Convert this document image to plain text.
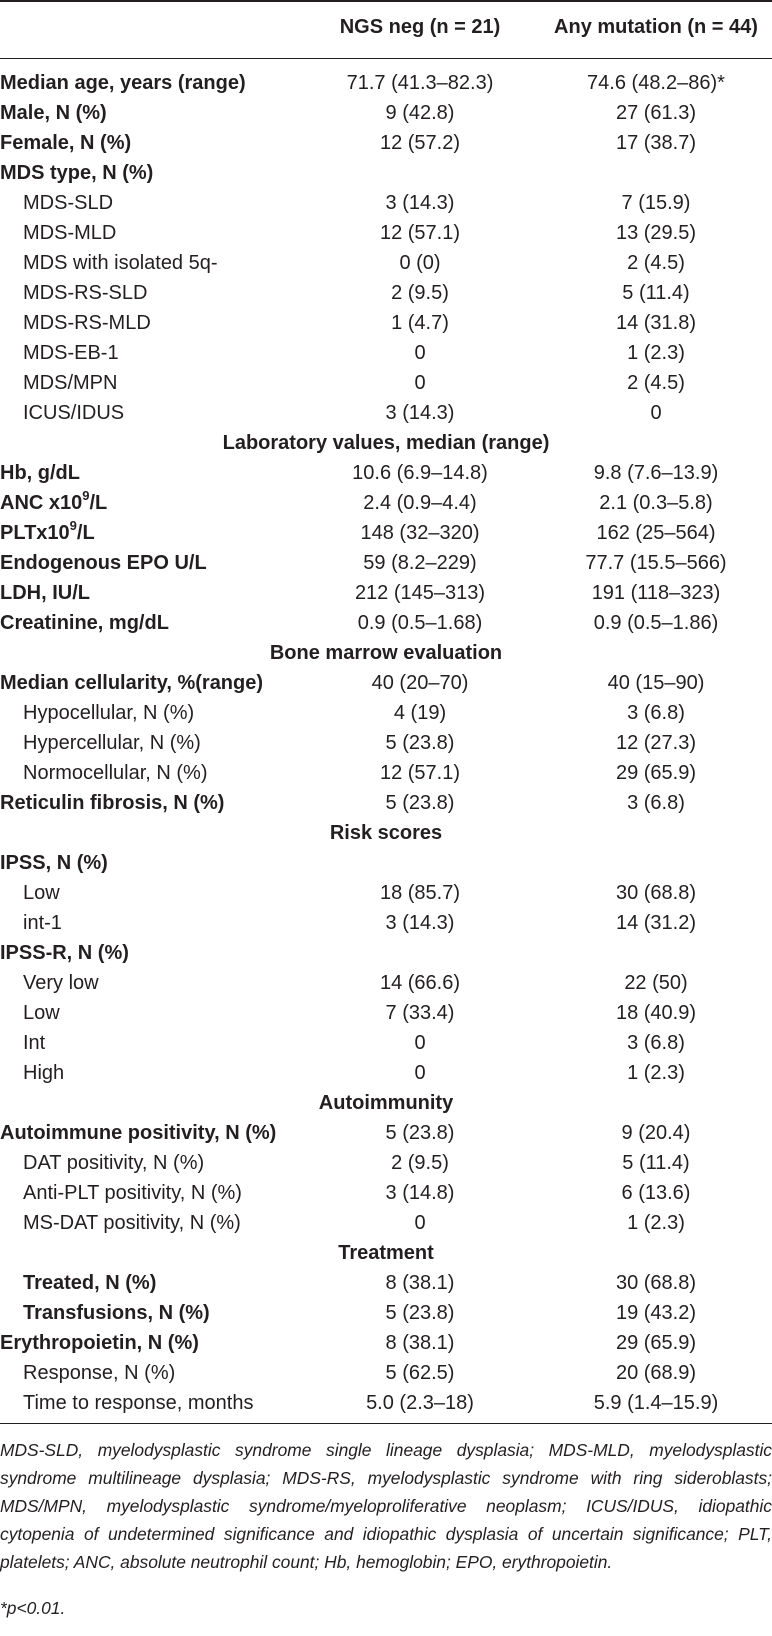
NGS neg (n = 21)	Any mutation (n = 44)
Median age, years (range)	71.7 (41.3–82.3)	74.6 (48.2–86)*
Male, N (%)	9 (42.8)	27 (61.3)
Female, N (%)	12 (57.2)	17 (38.7)
MDS type, N (%)
MDS-SLD	3 (14.3)	7 (15.9)
MDS-MLD	12 (57.1)	13 (29.5)
MDS with isolated 5q-	0 (0)	2 (4.5)
MDS-RS-SLD	2 (9.5)	5 (11.4)
MDS-RS-MLD	1 (4.7)	14 (31.8)
MDS-EB-1	0	1 (2.3)
MDS/MPN	0	2 (4.5)
ICUS/IDUS	3 (14.3)	0
Laboratory values, median (range)
Hb, g/dL	10.6 (6.9–14.8)	9.8 (7.6–13.9)
ANC $x10^9/L$	2.4 (0.9–4.4)	2.1 (0.3–5.8)
$PLTx10^9/L$	148 (32–320)	162 (25–564)
Endogenous EPO U/L	59 (8.2–229)	77.7 (15.5–566)
LDH, IU/L	212 (145–313)	191 (118–323)
Creatinine, mg/dL	0.9 (0.5–1.68)	0.9 (0.5–1.86)
Bone marrow evaluation
Median cellularity, %(range)	40 (20–70)	40 (15–90)
Hypocellular, N (%)	4 (19)	3 (6.8)
Hypercellular, N (%)	5 (23.8)	12 (27.3)
Normocellular, N (%)	12 (57.1)	29 (65.9)
Reticulin fibrosis, N (%)	5 (23.8)	3 (6.8)
Risk scores
IPSS, N (%)
Low	18 (85.7)	30 (68.8)
int-1	3 (14.3)	14 (31.2)
IPSS-R, N (%)
Very low	14 (66.6)	22 (50)
Low	7 (33.4)	18 (40.9)
Int	0	3 (6.8)
High	0	1 (2.3)
Autoimmunity
Autoimmune positivity, N (%)	5 (23.8)	9 (20.4)
DAT positivity, N (%)	2 (9.5)	5 (11.4)
Anti-PLT positivity, N (%)	3 (14.8)	6 (13.6)
MS-DAT positivity, N (%)	0	1 (2.3)
Treatment
Treated, N (%)	8 (38.1)	30 (68.8)
Transfusions, N (%)	5 (23.8)	19 (43.2)
Erythropoietin, N (%)	8 (38.1)	29 (65.9)
Response, N (%)	5 (62.5)	20 (68.9)
Time to response, months	5.0 (2.3–18)	5.9 (1.4–15.9)
MDS-SLD, myelodysplastic syndrome single lineage dysplasia; MDS-MLD, myelodysplastic syndrome multilineage dysplasia; MDS-RS, myelodysplastic syndrome with ring sideroblasts; MDS/MPN, myelodysplastic syndrome/myeloproliferative neoplasm; ICUS/IDUS, idiopathic cytopenia of undetermined significance and idiopathic dysplasia of uncertain significance; PLT, platelets; ANC, absolute neutrophil count; Hb, hemoglobin; EPO, erythropoietin.
*p<0.01.
